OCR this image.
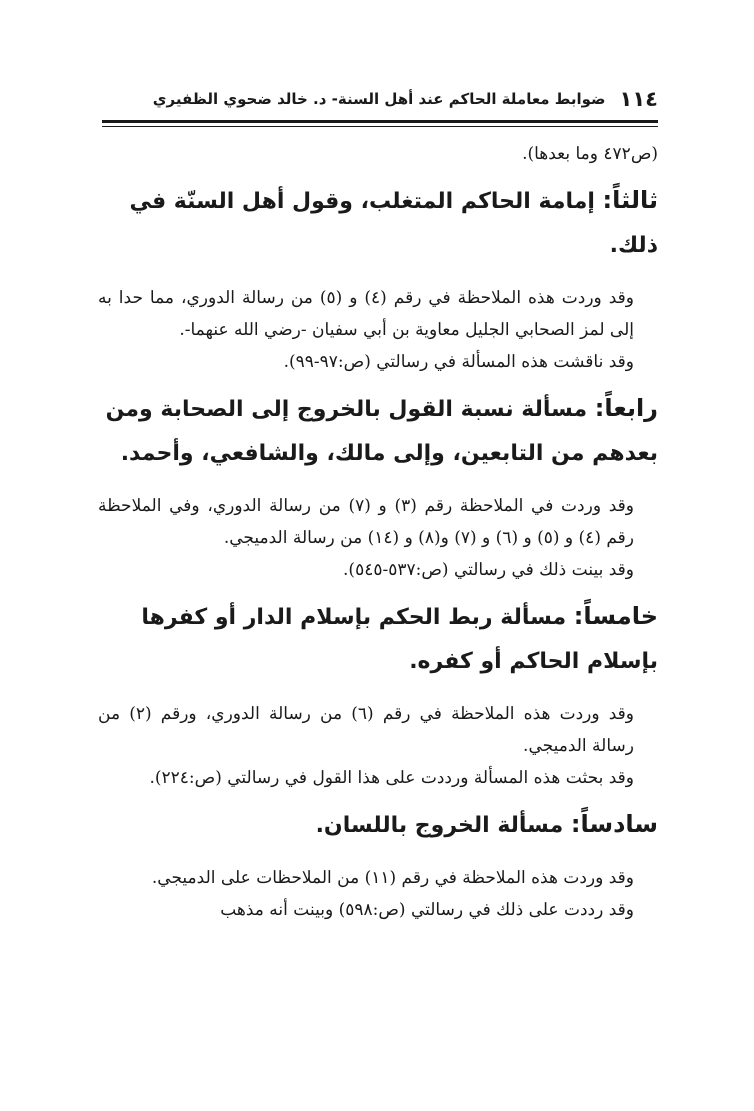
١١٤
ضوابط معاملة الحاكم عند أهل السنة- د. خالد ضحوي الظفيري

(ص٤٧٢ وما بعدها).

ثالثاً: إمامة الحاكم المتغلب، وقول أهل السنّة في ذلك.

وقد وردت هذه الملاحظة في رقم (٤) و (٥) من رسالة الدوري، مما حدا به إلى لمز الصحابي الجليل معاوية بن أبي سفيان -رضي الله عنهما-.

وقد ناقشت هذه المسألة في رسالتي (ص:٩٧-٩٩).

رابعاً: مسألة نسبة القول بالخروج إلى الصحابة ومن بعدهم من التابعين، وإلى مالك، والشافعي، وأحمد.

وقد وردت في الملاحظة رقم (٣) و (٧) من رسالة الدوري، وفي الملاحظة رقم (٤) و (٥) و (٦) و (٧) و(٨) و (١٤) من رسالة الدميجي.

وقد بينت ذلك في رسالتي (ص:٥٣٧-٥٤٥).

خامساً: مسألة ربط الحكم بإسلام الدار أو كفرها بإسلام الحاكم أو كفره.

وقد وردت هذه الملاحظة في رقم (٦) من رسالة الدوري، ورقم (٢) من رسالة الدميجي.

وقد بحثت هذه المسألة ورددت على هذا القول في رسالتي (ص:٢٢٤).

سادساً: مسألة الخروج باللسان.

وقد وردت هذه الملاحظة في رقم (١١) من الملاحظات على الدميجي.

وقد رددت على ذلك في رسالتي (ص:٥٩٨) وبينت أنه مذهب
